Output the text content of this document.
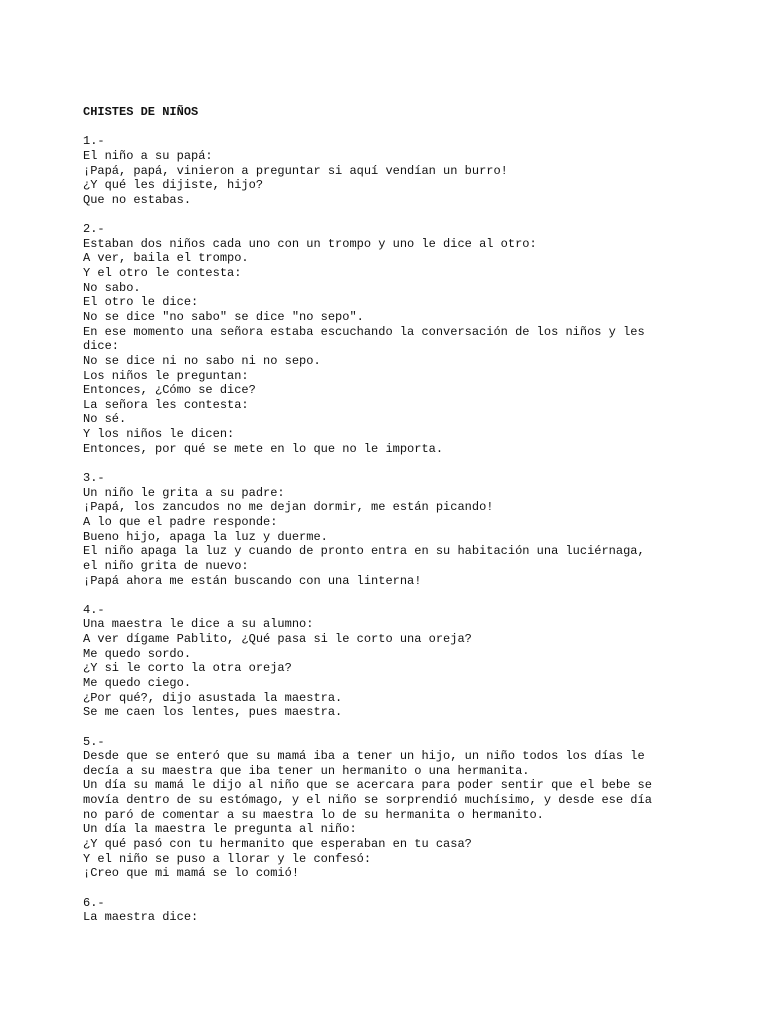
CHISTES DE NIÑOS
1.-
El niño a su papá:
¡Papá, papá, vinieron a preguntar si aquí vendían un burro!
¿Y qué les dijiste, hijo?
Que no estabas.
2.-
Estaban dos niños cada uno con un trompo y uno le dice al otro:
A ver, baila el trompo.
Y el otro le contesta:
No sabo.
El otro le dice:
No se dice "no sabo" se dice "no sepo".
En ese momento una señora estaba escuchando la conversación de los niños y les
dice:
No se dice ni no sabo ni no sepo.
Los niños le preguntan:
Entonces, ¿Cómo se dice?
La señora les contesta:
No sé.
Y los niños le dicen:
Entonces, por qué se mete en lo que no le importa.
3.-
Un niño le grita a su padre:
¡Papá, los zancudos no me dejan dormir, me están picando!
A lo que el padre responde:
Bueno hijo, apaga la luz y duerme.
El niño apaga la luz y cuando de pronto entra en su habitación una luciérnaga,
el niño grita de nuevo:
¡Papá ahora me están buscando con una linterna!
4.-
Una maestra le dice a su alumno:
A ver dígame Pablito, ¿Qué pasa si le corto una oreja?
Me quedo sordo.
¿Y si le corto la otra oreja?
Me quedo ciego.
¿Por qué?, dijo asustada la maestra.
Se me caen los lentes, pues maestra.
5.-
Desde que se enteró que su mamá iba a tener un hijo, un niño todos los días le
decía a su maestra que iba tener un hermanito o una hermanita.
Un día su mamá le dijo al niño que se acercara para poder sentir que el bebe se
movía dentro de su estómago, y el niño se sorprendió muchísimo, y desde ese día
no paró de comentar a su maestra lo de su hermanita o hermanito.
Un día la maestra le pregunta al niño:
¿Y qué pasó con tu hermanito que esperaban en tu casa?
Y el niño se puso a llorar y le confesó:
¡Creo que mi mamá se lo comió!
6.-
La maestra dice:
